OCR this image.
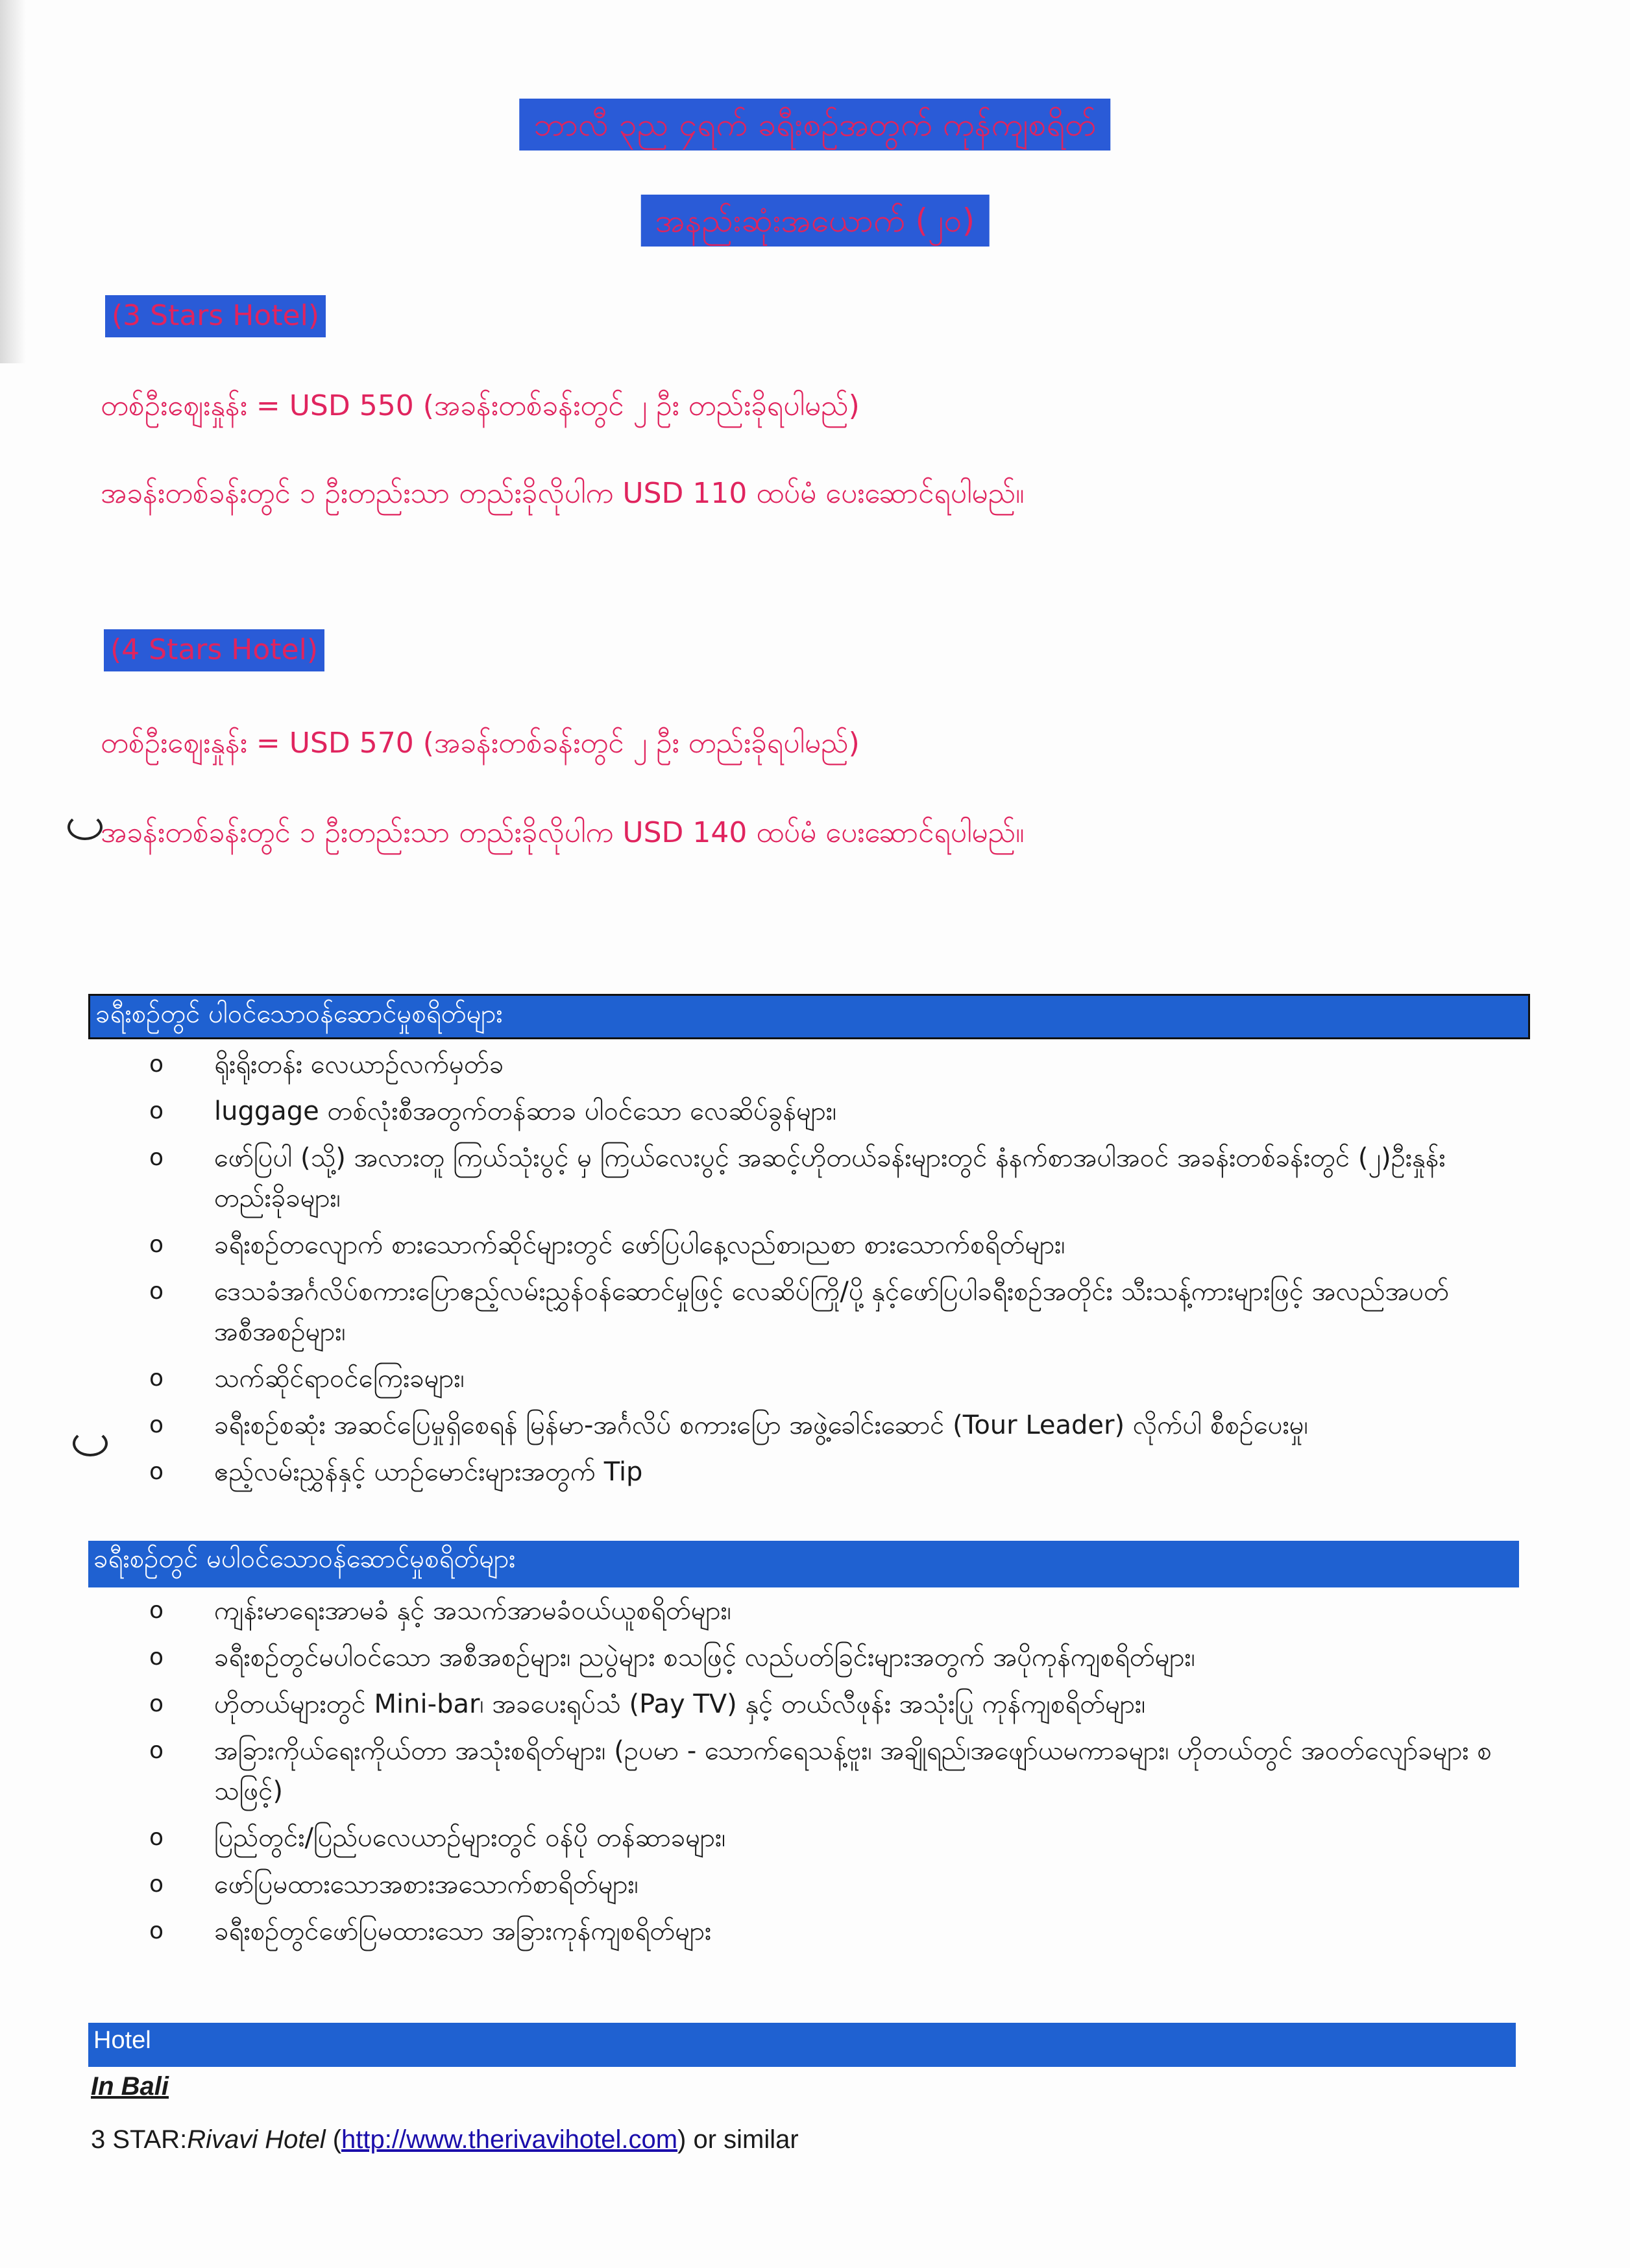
ဘာလီ ၃ည ၄ရက် ခရီးစဉ်အတွက် ကုန်ကျစရိတ်
အနည်းဆုံးအယောက် (၂၀)
(3 Stars Hotel)
တစ်ဦးဈေးနှုန်း = USD 550 (အခန်းတစ်ခန်းတွင် ၂ ဦး တည်းခိုရပါမည်)
အခန်းတစ်ခန်းတွင် ၁ ဦးတည်းသာ တည်းခိုလိုပါက USD 110 ထပ်မံ ပေးဆောင်ရပါမည်။
(4 Stars Hotel)
တစ်ဦးဈေးနှုန်း = USD 570 (အခန်းတစ်ခန်းတွင် ၂ ဦး တည်းခိုရပါမည်)
အခန်းတစ်ခန်းတွင် ၁ ဦးတည်းသာ တည်းခိုလိုပါက USD 140 ထပ်မံ ပေးဆောင်ရပါမည်။
ခရီးစဉ်တွင် ပါဝင်သောဝန်ဆောင်မှုစရိတ်များ
o ရိုးရိုးတန်း လေယာဉ်လက်မှတ်ခ
o luggage တစ်လုံးစီအတွက်တန်ဆာခ ပါဝင်သော လေဆိပ်ခွန်များ၊
o ဖော်ပြပါ (သို့) အလားတူ ကြယ်သုံးပွင့် မှ ကြယ်လေးပွင့် အဆင့်ဟိုတယ်ခန်းများတွင် နံနက်စာအပါအဝင် အခန်းတစ်ခန်းတွင် (၂)ဦးနှုန်း တည်းခိုခများ၊
o ခရီးစဉ်တလျောက် စားသောက်ဆိုင်များတွင် ဖော်ပြပါနေ့လည်စာ၊ညစာ စားသောက်စရိတ်များ၊
o ဒေသခံအင်္ဂလိပ်စကားပြောဧည့်လမ်းညွှန်ဝန်ဆောင်မှုဖြင့် လေဆိပ်ကြို/ပို့ နှင့်ဖော်ပြပါခရီးစဉ်အတိုင်း သီးသန့်ကားများဖြင့် အလည်အပတ်အစီအစဉ်များ၊
o သက်ဆိုင်ရာဝင်ကြေးခများ၊
o ခရီးစဉ်စဆုံး အဆင်ပြေမှုရှိစေရန် မြန်မာ-အင်္ဂလိပ် စကားပြော အဖွဲ့ခေါင်းဆောင် (Tour Leader) လိုက်ပါ စီစဉ်ပေးမှု၊
o ဧည့်လမ်းညွှန်နှင့် ယာဉ်မောင်းများအတွက် Tip
ခရီးစဉ်တွင် မပါဝင်သောဝန်ဆောင်မှုစရိတ်များ
o ကျန်းမာရေးအာမခံ နှင့် အသက်အာမခံဝယ်ယူစရိတ်များ၊
o ခရီးစဉ်တွင်မပါဝင်သော အစီအစဉ်များ၊ ညပွဲများ စသဖြင့် လည်ပတ်ခြင်းများအတွက် အပိုကုန်ကျစရိတ်များ၊
o ဟိုတယ်များတွင် Mini-bar၊ အခပေးရုပ်သံ (Pay TV) နှင့် တယ်လီဖုန်း အသုံးပြု ကုန်ကျစရိတ်များ၊
o အခြားကိုယ်ရေးကိုယ်တာ အသုံးစရိတ်များ၊ (ဥပမာ - သောက်ရေသန့်ဗူး၊ အချိုရည်၊အဖျော်ယမကာခများ၊ ဟိုတယ်တွင် အဝတ်လျော်ခများ စသဖြင့်)
o ပြည်တွင်း/ပြည်ပလေယာဉ်များတွင် ဝန်ပို တန်ဆာခများ၊
o ဖော်ပြမထားသောအစားအသောက်စာရိတ်များ၊
o ခရီးစဉ်တွင်ဖော်ပြမထားသော အခြားကုန်ကျစရိတ်များ
Hotel
In Bali
3 STAR:Rivavi Hotel (http://www.therivavihotel.com) or similar
